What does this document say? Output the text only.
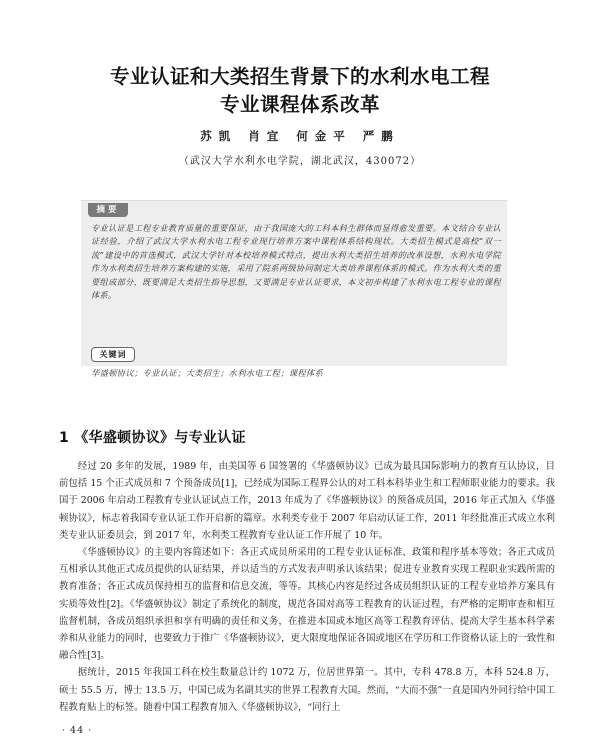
专业认证和大类招生背景下的水利水电工程
专业课程体系改革
苏凯 肖宜 何金平 严鹏
（武汉大学水利水电学院，湖北武汉，430072）
摘要
专业认证是工程专业教育质量的重要保证，由于我国庞大的工科本科生群体而显得愈发重要。本文结合专业认证经验，介绍了武汉大学水利水电工程专业现行培养方案中课程体系结构现状。大类招生模式是高校“双一流”建设中的首选模式，武汉大学针对本校培养模式特点，提出水利大类招生培养的改革设想，水利水电学院作为水利类招生培养方案构建的实施，采用了院系两级协同制定大类培养课程体系的模式。作为水利大类的重要组成部分，既要满足大类招生指导思想，又要满足专业认证要求，本文初步构建了水利水电工程专业的课程体系。
关键词
华盛顿协议；专业认证；大类招生；水利水电工程；课程体系
1 《华盛顿协议》与专业认证

经过 20 多年的发展，1989 年，由美国等 6 国签署的《华盛顿协议》已成为最具国际影响力的教育互认协议，目前包括 15 个正式成员和 7 个预备成员[1]，已经成为国际工程界公认的对工科本科毕业生和工程师职业能力的要求。我国于 2006 年启动工程教育专业认证试点工作，2013 年成为了《华盛顿协议》的预备成员国，2016 年正式加入《华盛顿协议》，标志着我国专业认证工作开启新的篇章。水利类专业于 2007 年启动认证工作，2011 年经批准正式成立水利类专业认证委员会，到 2017 年，水利类工程教育专业认证工作开展了 10 年。

《华盛顿协议》的主要内容简述如下：各正式成员所采用的工程专业认证标准、政策和程序基本等效；各正式成员互相承认其他正式成员提供的认证结果，并以适当的方式发表声明承认该结果；促进专业教育实现工程职业实践所需的教育准备；各正式成员保持相互的监督和信息交流，等等。其核心内容是经过各成员组织认证的工程专业培养方案具有实质等效性[2]。《华盛顿协议》制定了系统化的制度，规范各国对高等工程教育的认证过程，有严格的定期审查和相互监督机制，各成员组织承担和享有明确的责任和义务，在推进本国或本地区高等工程教育评估、提高大学生基本科学素养和从业能力的同时，也要致力于推广《华盛顿协议》，更大限度地保证各国或地区在学历和工作资格认证上的一致性和融合性[3]。

据统计，2015 年我国工科在校生数量总计约 1072 万，位居世界第一。其中，专科 478.8 万，本科 524.8 万，硕士 55.5 万，博士 13.5 万，中国已成为名副其实的世界工程教育大国。然而，“大而不强”一直是国内外同行给中国工程教育贴上的标签。随着中国工程教育加入《华盛顿协议》，“同行上

· 44 ·
